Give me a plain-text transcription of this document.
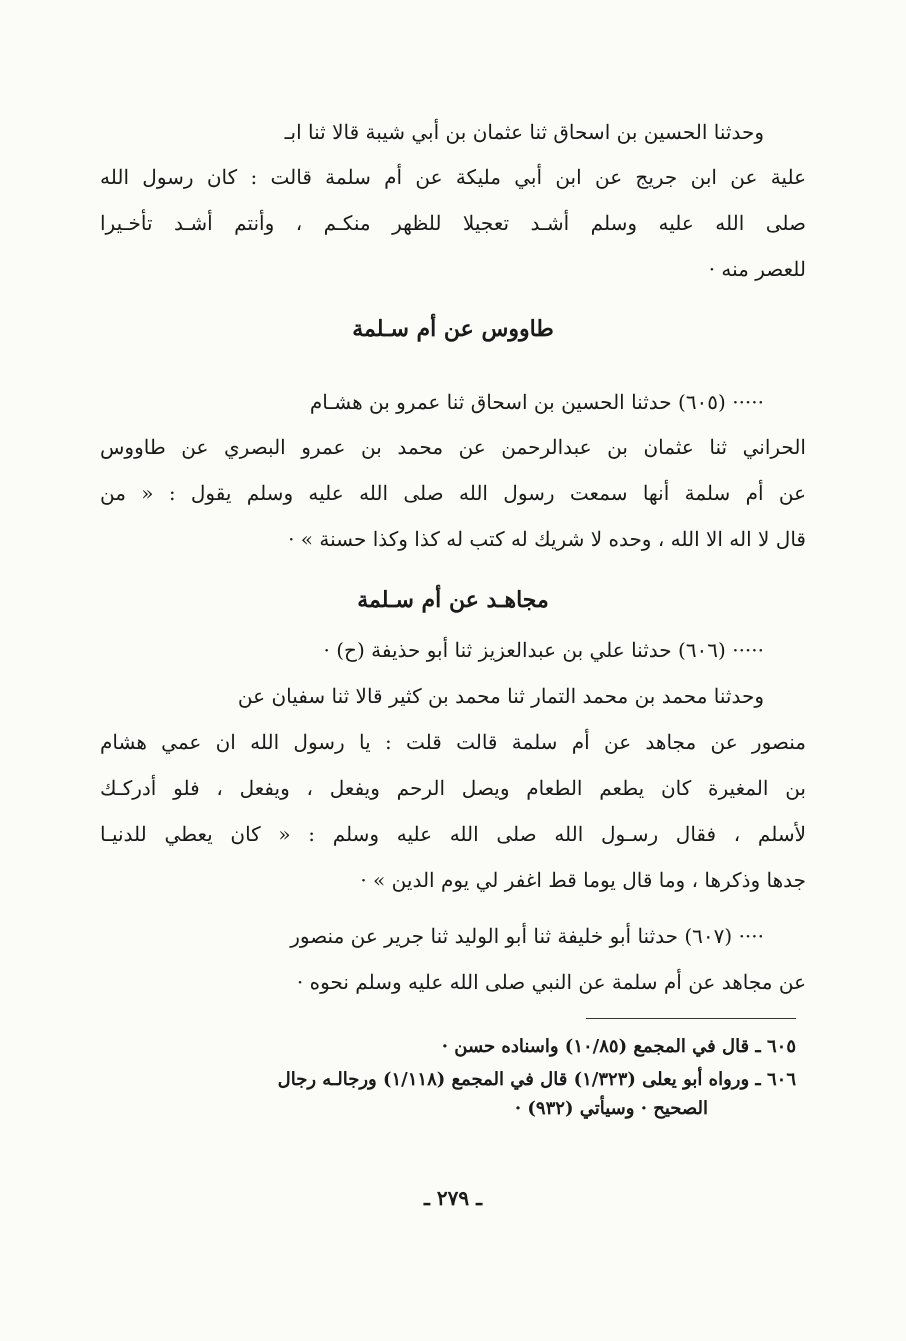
وحدثنا الحسين بن اسحاق ثنا عثمان بن أبي شيبة قالا ثنا ابـ
علية عن ابن جريج عن ابن أبي مليكة عن أم سلمة قالت : كان رسول الله
صلى الله عليه وسلم أشـد تعجيلا للظهر منكـم ، وأنتم أشـد تأخـيرا
للعصر منه ·
طاووس عن أم سـلمة
····· (٦٠٥) حدثنا الحسين بن اسحاق ثنا عمرو بن هشـام
الحراني ثنا عثمان بن عبدالرحمن عن محمد بن عمرو البصري عن طاووس
عن أم سلمة أنها سمعت رسول الله صلى الله عليه وسلم يقول : « من
قال لا اله الا الله ، وحده لا شريك له كتب له كذا وكذا حسنة » ·
مجاهـد عن أم سـلمة
····· (٦٠٦) حدثنا علي بن عبدالعزيز ثنا أبو حذيفة (ح) ·
وحدثنا محمد بن محمد التمار ثنا محمد بن كثير قالا ثنا سفيان عن
منصور عن مجاهد عن أم سلمة قالت قلت : يا رسول الله ان عمي هشام
بن المغيرة كان يطعم الطعام ويصل الرحم ويفعل ، ويفعل ، فلو أدركـك
لأسلم ، فقال رسـول الله صلى الله عليه وسلم : « كان يعطي للدنيـا
جدها وذكرها ، وما قال يوما قط اغفر لي يوم الدين » ·
···· (٦٠٧) حدثنا أبو خليفة ثنا أبو الوليد ثنا جرير عن منصور
عن مجاهد عن أم سلمة عن النبي صلى الله عليه وسلم نحوه ·
٦٠٥ ـ قال في المجمع (١٠/٨٥) واسناده حسن ·
٦٠٦ ـ ورواه أبو يعلى (١/٣٢٣) قال في المجمع (١/١١٨) ورجالـه رجال
الصحيح · وسيأتي (٩٣٢) ·
ـ ٢٧٩ ـ
